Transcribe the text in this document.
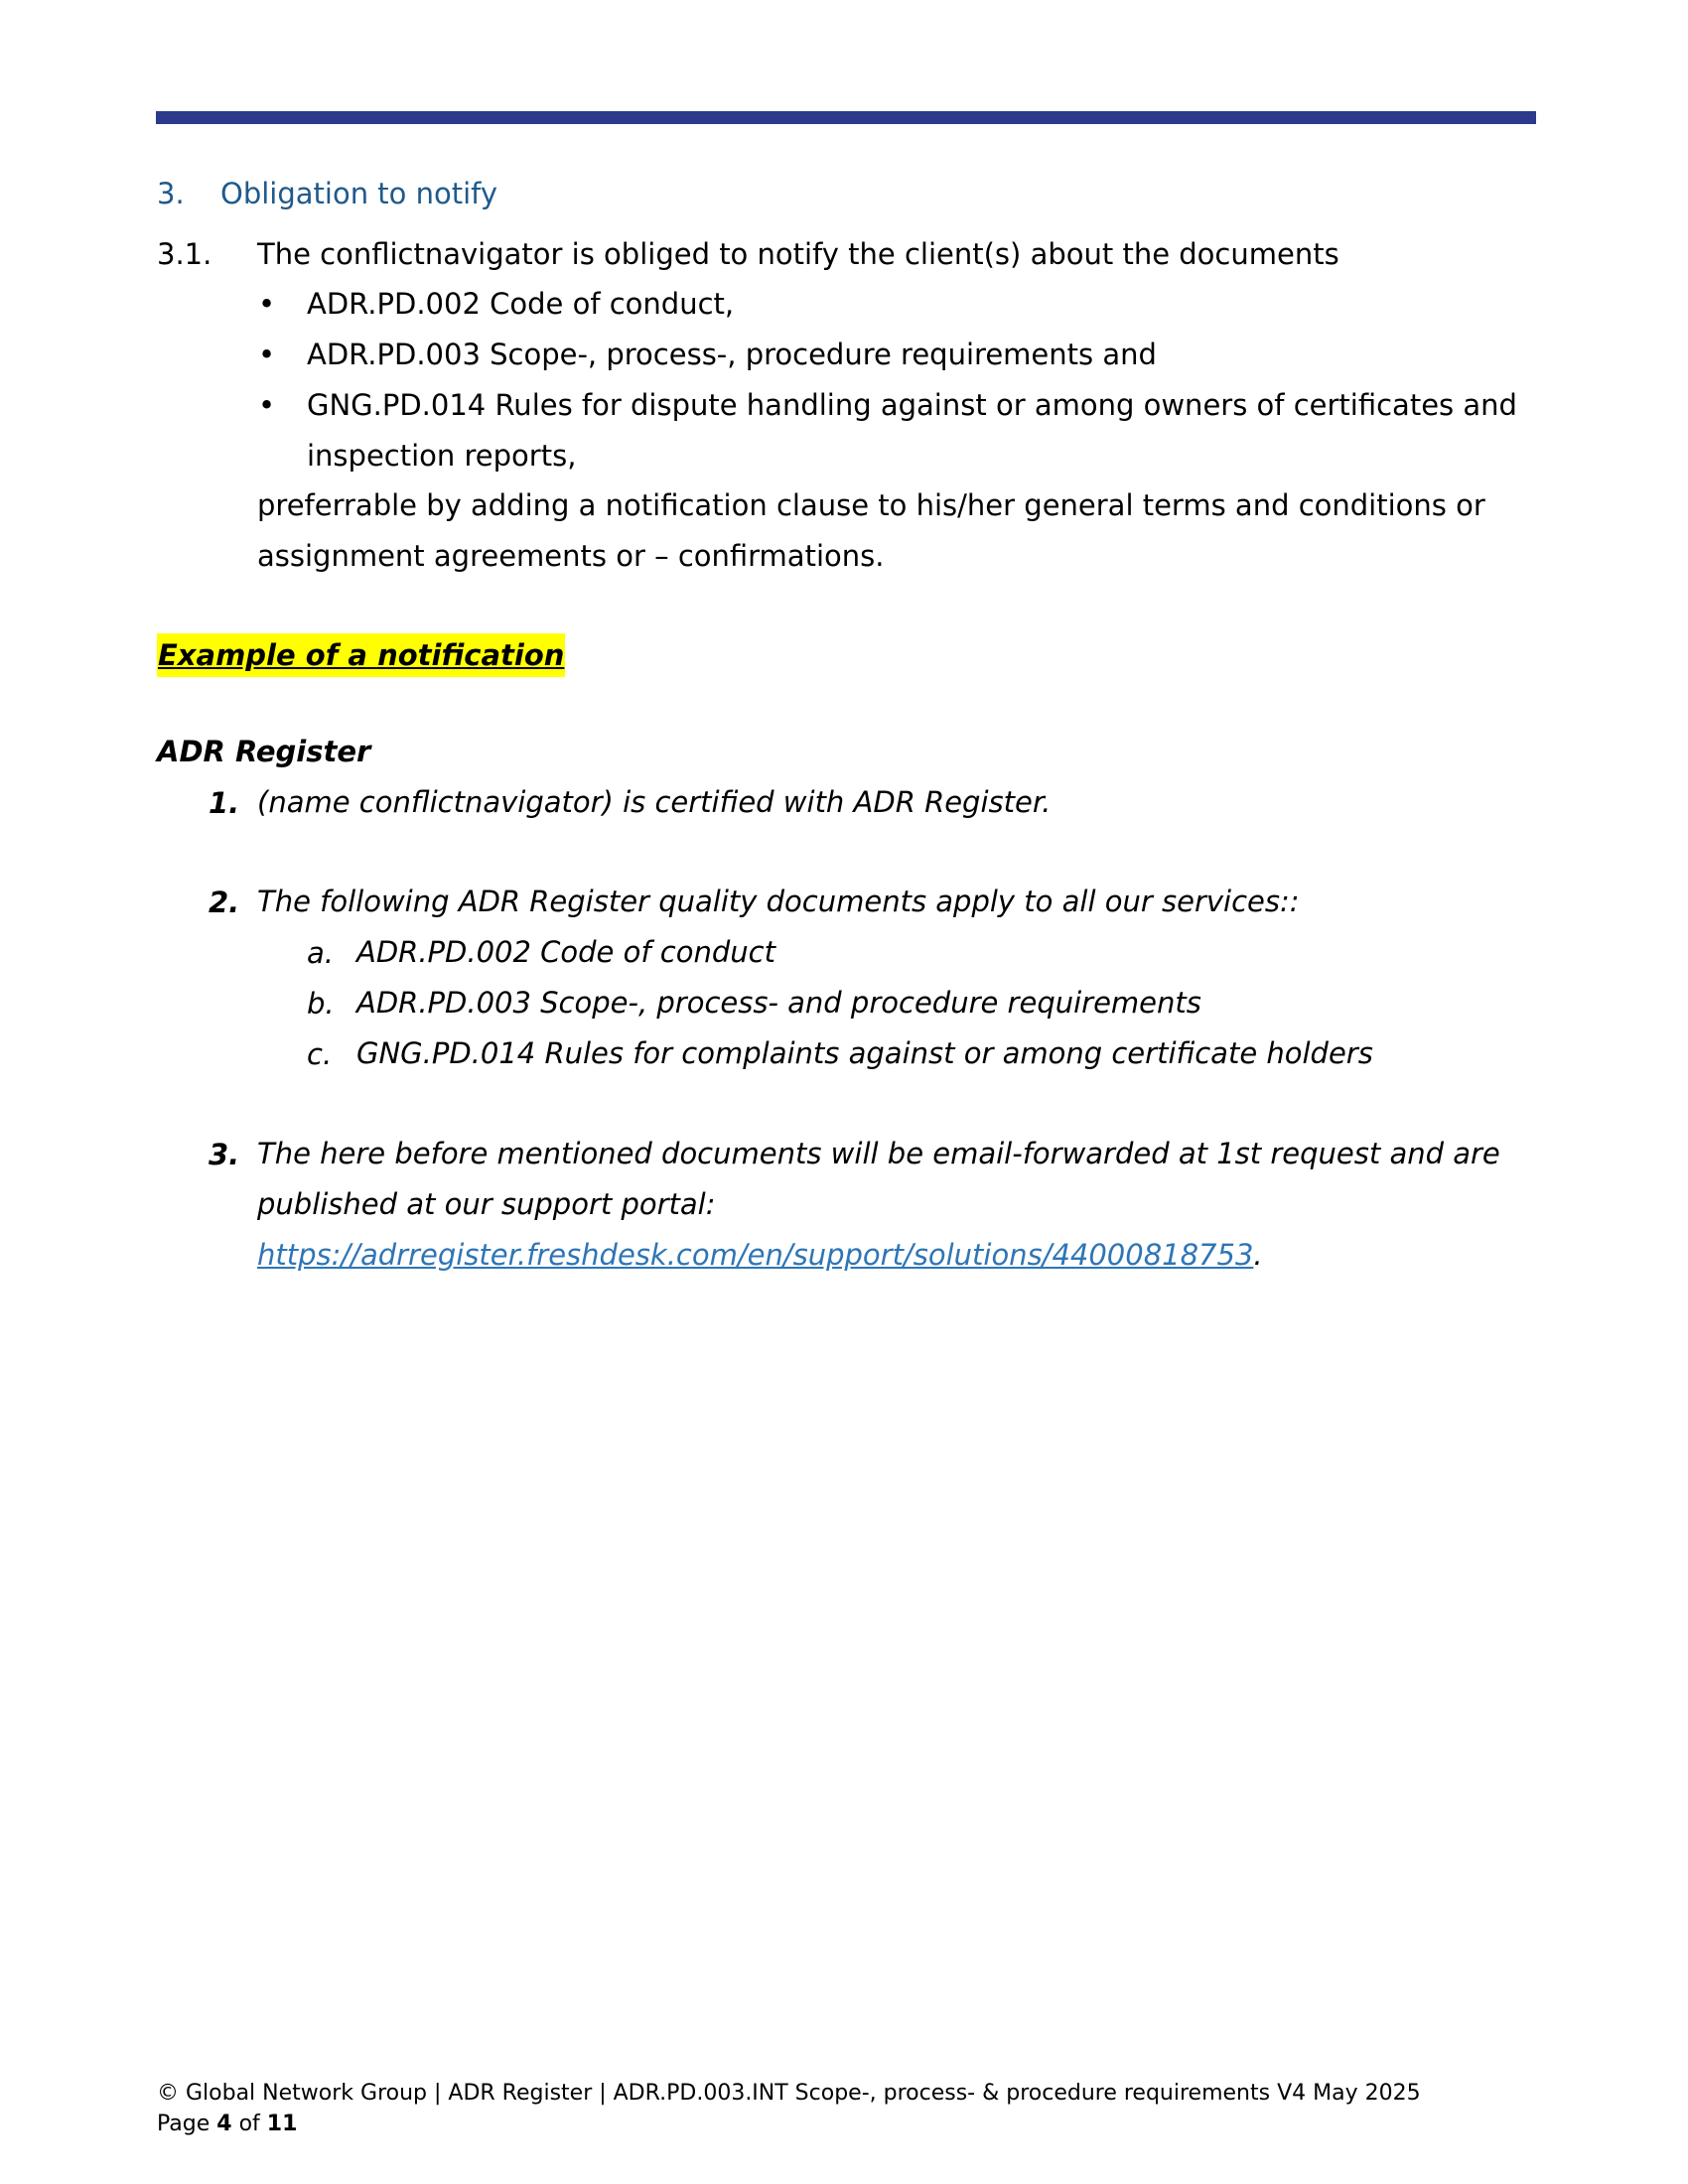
3. Obligation to notify
3.1. The conflictnavigator is obliged to notify the client(s) about the documents
• ADR.PD.002 Code of conduct,
• ADR.PD.003 Scope-, process-, procedure requirements and
• GNG.PD.014 Rules for dispute handling against or among owners of certificates and
inspection reports,
preferrable by adding a notification clause to his/her general terms and conditions or
assignment agreements or – confirmations.
Example of a notification
ADR Register
1. (name conflictnavigator) is certified with ADR Register.
2. The following ADR Register quality documents apply to all our services::
a. ADR.PD.002 Code of conduct
b. ADR.PD.003 Scope-, process- and procedure requirements
c. GNG.PD.014 Rules for complaints against or among certificate holders
3. The here before mentioned documents will be email-forwarded at 1st request and are
published at our support portal:
https://adrregister.freshdesk.com/en/support/solutions/44000818753.
© Global Network Group | ADR Register | ADR.PD.003.INT Scope-, process- & procedure requirements V4 May 2025
Page 4 of 11
